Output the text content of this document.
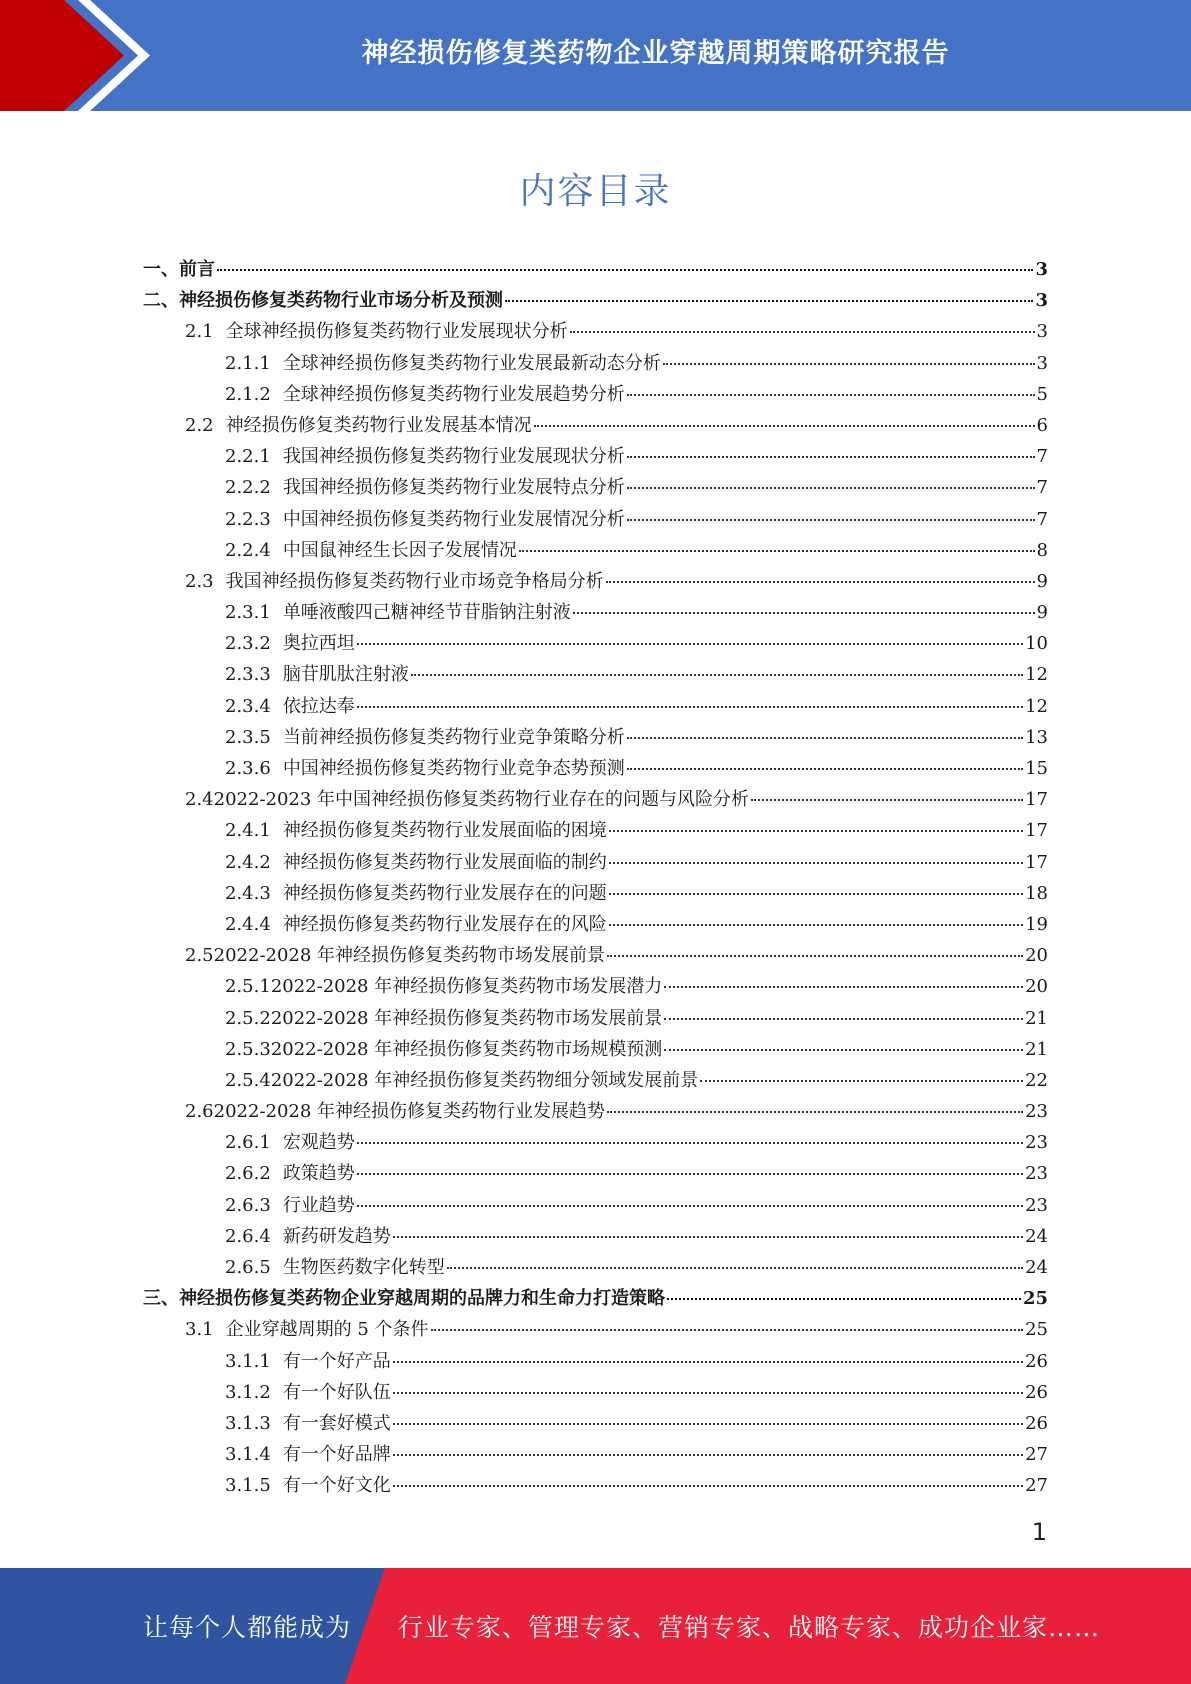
神经损伤修复类药物企业穿越周期策略研究报告
内容目录
一、前言	3
二、神经损伤修复类药物行业市场分析及预测	3
2.1 全球神经损伤修复类药物行业发展现状分析	3
2.1.1 全球神经损伤修复类药物行业发展最新动态分析	3
2.1.2 全球神经损伤修复类药物行业发展趋势分析	5
2.2 神经损伤修复类药物行业发展基本情况	6
2.2.1 我国神经损伤修复类药物行业发展现状分析	7
2.2.2 我国神经损伤修复类药物行业发展特点分析	7
2.2.3 中国神经损伤修复类药物行业发展情况分析	7
2.2.4 中国鼠神经生长因子发展情况	8
2.3 我国神经损伤修复类药物行业市场竞争格局分析	9
2.3.1 单唾液酸四己糖神经节苷脂钠注射液	9
2.3.2 奥拉西坦	10
2.3.3 脑苷肌肽注射液	12
2.3.4 依拉达奉	12
2.3.5 当前神经损伤修复类药物行业竞争策略分析	13
2.3.6 中国神经损伤修复类药物行业竞争态势预测	15
2.4 2022-2023 年中国神经损伤修复类药物行业存在的问题与风险分析	17
2.4.1 神经损伤修复类药物行业发展面临的困境	17
2.4.2 神经损伤修复类药物行业发展面临的制约	17
2.4.3 神经损伤修复类药物行业发展存在的问题	18
2.4.4 神经损伤修复类药物行业发展存在的风险	19
2.5 2022-2028 年神经损伤修复类药物市场发展前景	20
2.5.1 2022-2028 年神经损伤修复类药物市场发展潜力	20
2.5.2 2022-2028 年神经损伤修复类药物市场发展前景	21
2.5.3 2022-2028 年神经损伤修复类药物市场规模预测	21
2.5.4 2022-2028 年神经损伤修复类药物细分领域发展前景	22
2.6 2022-2028 年神经损伤修复类药物行业发展趋势	23
2.6.1 宏观趋势	23
2.6.2 政策趋势	23
2.6.3 行业趋势	23
2.6.4 新药研发趋势	24
2.6.5 生物医药数字化转型	24
三、神经损伤修复类药物企业穿越周期的品牌力和生命力打造策略	25
3.1 企业穿越周期的 5 个条件	25
3.1.1 有一个好产品	26
3.1.2 有一个好队伍	26
3.1.3 有一套好模式	26
3.1.4 有一个好品牌	27
3.1.5 有一个好文化	27
1
让每个人都能成为 行业专家、管理专家、营销专家、战略专家、成功企业家……
